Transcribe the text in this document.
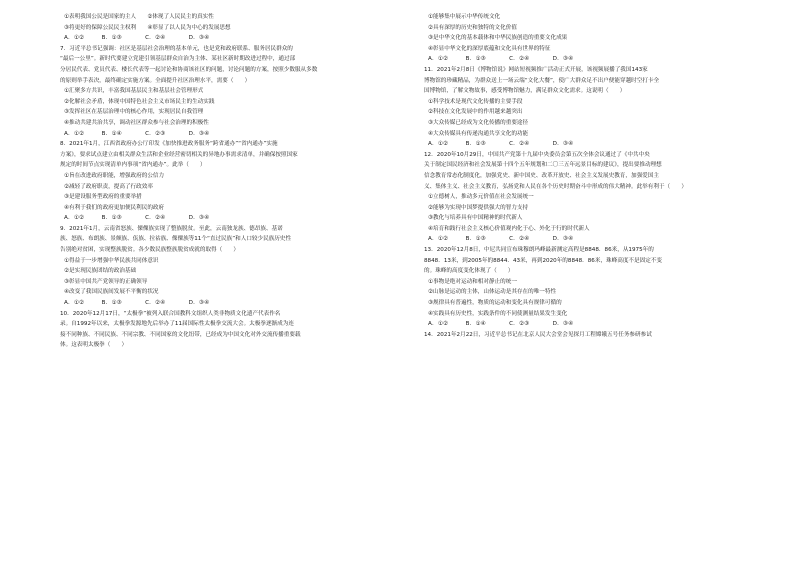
①表明我国公民是国家的主人　　②体现了人民民主的真实性
③将更好的保障公民民主权利　　④彰显了以人民为中心的发展思想
A．①②　　　B．①③　　　　C．②④　　　　D．③④
7．习近平总书记强调：社区是基层社会治理的基本单元，也是党和政府联系、服务居民群众的
“最后一公里”。新时代要建立党建引领基层群众自治为主体、某社区新时期改进过程中，通过部
分居民代表、党员代表、楼长代表等一起讨论和协商该社区的问题，讨论问题的方案，按照少数服从多数
的原则举手表决，最终确定实施方案。全面提升社区治理水平，需要（　　）
①汇聚多方共识，丰富我国基层民主和基层社会管理形式
②化解社会矛盾，体现中国特色社会主义市场民主的生动实践
③发挥社区在基层治理中的核心作用，实现居民自我管理
④推动共建共治共享，调动社区群众参与社会治理的积极性
A．①②　　　B．①④　　　　C．②③　　　　D．③④
8．2021年1月，江西省政府办公厅印发《加快推进政务服务“跨省通办”“省内通办”实施
方案》，要求试点建立由相关群众生活和企业经营密切相关的异地办事需求清单，并确保按照国家
规定的时间节点实现清单内事项“省内通办”。此举（　　）
①旨在改进政府职能，增强政府的公信力
②减轻了政府职责，提高了行政效率
③是建设服务型政府的重要举措
④有利于我们的政府更加便民利民的政府
A．①②　　　B．①③　　　　C．②④　　　　D．③④
9．2021年1月，云南省怒族、傈僳族实现了整族脱贫。至此，云南独龙族、德昂族、基诺
族、怒族、布朗族、景颇族、佤族、拉祜族、傈僳族等11个“直过民族”和人口较少民族历史性
告别绝对贫困，实现整族脱贫。各少数民族整族脱贫成就的取得（　　）
①得益于一步增强中华民族共同体意识
②是实现民族团结的政治基础
③彰显中国共产党领导的正确领导
④改变了我国民族间发展不平衡的状况
A．①②　　　B．①③　　　　C．②④　　　　D．③④
10．2020年12月17日，“太极拳”被列入联合国教科文组织人类非物质文化遗产代表作名
录。自1992年以来，太极拳发源地先后举办了11届国际性太极拳交流大会。太极拳逐渐成为连
接不同种族、不同民族、不同宗教、不同国家的文化纽带，已经成为中国文化对外交流传播重要载
体。这表明太极拳（　　）
①能够集中展示中华传统文化
②具有深厚的历史和独特的文化价值
③是中华文化的基本载体和中华民族创造的重要文化成果
④彰显中华文化的深厚底蕴和文化具有世界的特征
A．①②　　　B．①③　　　　C．②④　　　　D．③④
11．2021年2月8日《博物馆说》网站短视频推广活动正式开展，该视频展播了我国143家
博物馆的珍藏精品，为群众送上一场云端“文化大餐”，使广大群众足不出户便能穿越时空打卡全
国博物馆，了解文物故事，感受博物馆魅力，满足群众文化需求。这说明（　　）
①科学技术是现代文化传播的主要手段
②科技在文化发展中的作用越来越突出
③大众传媒已经成为文化传播的重要途径
④大众传媒具有传递沟通共享文化的功能
A．①②　　　B．①③　　　　C．②④　　　　D．③④
12．2020年10月29日，中国共产党第十九届中央委员会第五次全体会议通过了《中共中央
关于制定国民经济和社会发展第十四个五年规划和二〇三五年远景目标的建议》，提出要推动理想
信念教育常态化制度化，加强党史、新中国史、改革开放史、社会主义发展史教育，加强爱国主
义、集体主义、社会主义教育，弘扬党和人民在各个历史时期奋斗中形成的伟大精神。此举有利于（　　）
①立德树人，推动多元价值在社会发展统一
②能够为实现中国梦提供强大的智力支持
③教化与培养具有中国精神的时代新人
④培育和践行社会主义核心价值观内化于心、外化于行的时代新人
A．①②　　　B．①③　　　　C．②④　　　　D．③④
13．2020年12月8日，中尼共同宣布珠穆朗玛峰最新测定高程是8848．86米，从1975年的
8848．13米，到2005年的8844．43米，再到2020年的8848．86米，珠峰高度不是固定不变
的。珠峰的高度变化体现了（　　）
①事物是绝对运动和相对静止的统一
②山脉是运动的主体，山体运动是其存在的唯一特性
③规律具有普遍性，物质的运动和变化具有规律可循的
④实践具有历史性，实践条件的不同使测量结果发生变化
A．①②　　　B．①④　　　　C．②③　　　　D．③④
14．2021年2月22日，习近平总书记在北京人民大会堂会见探月工程嫦娥五号任务参研参试
